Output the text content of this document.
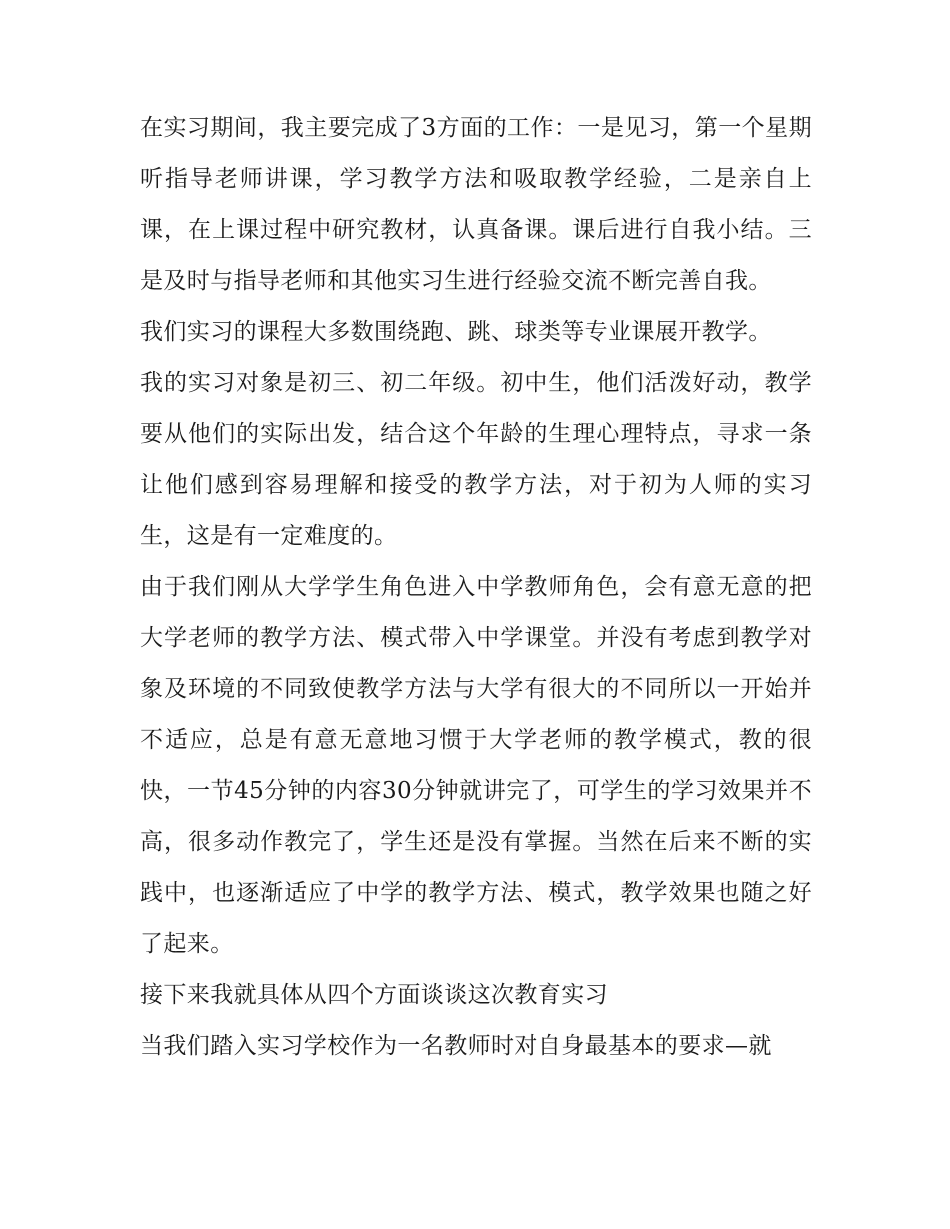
在实习期间，我主要完成了3方面的工作：一是见习，第一个星期听指导老师讲课，学习教学方法和吸取教学经验，二是亲自上课，在上课过程中研究教材，认真备课。课后进行自我小结。三是及时与指导老师和其他实习生进行经验交流不断完善自我。

我们实习的课程大多数围绕跑、跳、球类等专业课展开教学。

我的实习对象是初三、初二年级。初中生，他们活泼好动，教学要从他们的实际出发，结合这个年龄的生理心理特点，寻求一条让他们感到容易理解和接受的教学方法，对于初为人师的实习生，这是有一定难度的。

由于我们刚从大学学生角色进入中学教师角色，会有意无意的把大学老师的教学方法、模式带入中学课堂。并没有考虑到教学对象及环境的不同致使教学方法与大学有很大的不同所以一开始并不适应，总是有意无意地习惯于大学老师的教学模式，教的很快，一节45分钟的内容30分钟就讲完了，可学生的学习效果并不高，很多动作教完了，学生还是没有掌握。当然在后来不断的实践中，也逐渐适应了中学的教学方法、模式，教学效果也随之好了起来。

接下来我就具体从四个方面谈谈这次教育实习

当我们踏入实习学校作为一名教师时对自身最基本的要求—就
